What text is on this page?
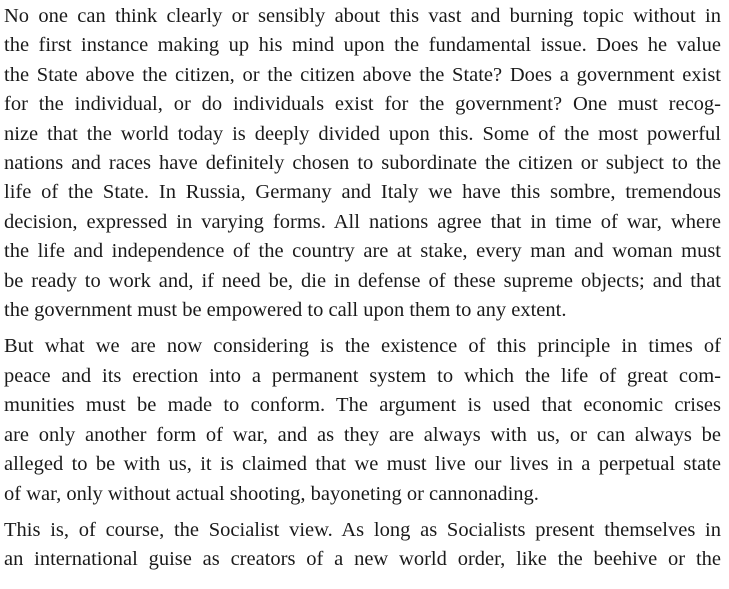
No one can think clearly or sensibly about this vast and burning topic without in
the first instance making up his mind upon the fundamental issue. Does he value
the State above the citizen, or the citizen above the State? Does a government exist
for the individual, or do individuals exist for the government? One must recog-
nize that the world today is deeply divided upon this. Some of the most powerful
nations and races have definitely chosen to subordinate the citizen or subject to the
life of the State. In Russia, Germany and Italy we have this sombre, tremendous
decision, expressed in varying forms. All nations agree that in time of war, where
the life and independence of the country are at stake, every man and woman must
be ready to work and, if need be, die in defense of these supreme objects; and that
the government must be empowered to call upon them to any extent.

But what we are now considering is the existence of this principle in times of
peace and its erection into a permanent system to which the life of great com-
munities must be made to conform. The argument is used that economic crises
are only another form of war, and as they are always with us, or can always be
alleged to be with us, it is claimed that we must live our lives in a perpetual state
of war, only without actual shooting, bayoneting or cannonading.

This is, of course, the Socialist view. As long as Socialists present themselves in
an international guise as creators of a new world order, like the beehive or the
